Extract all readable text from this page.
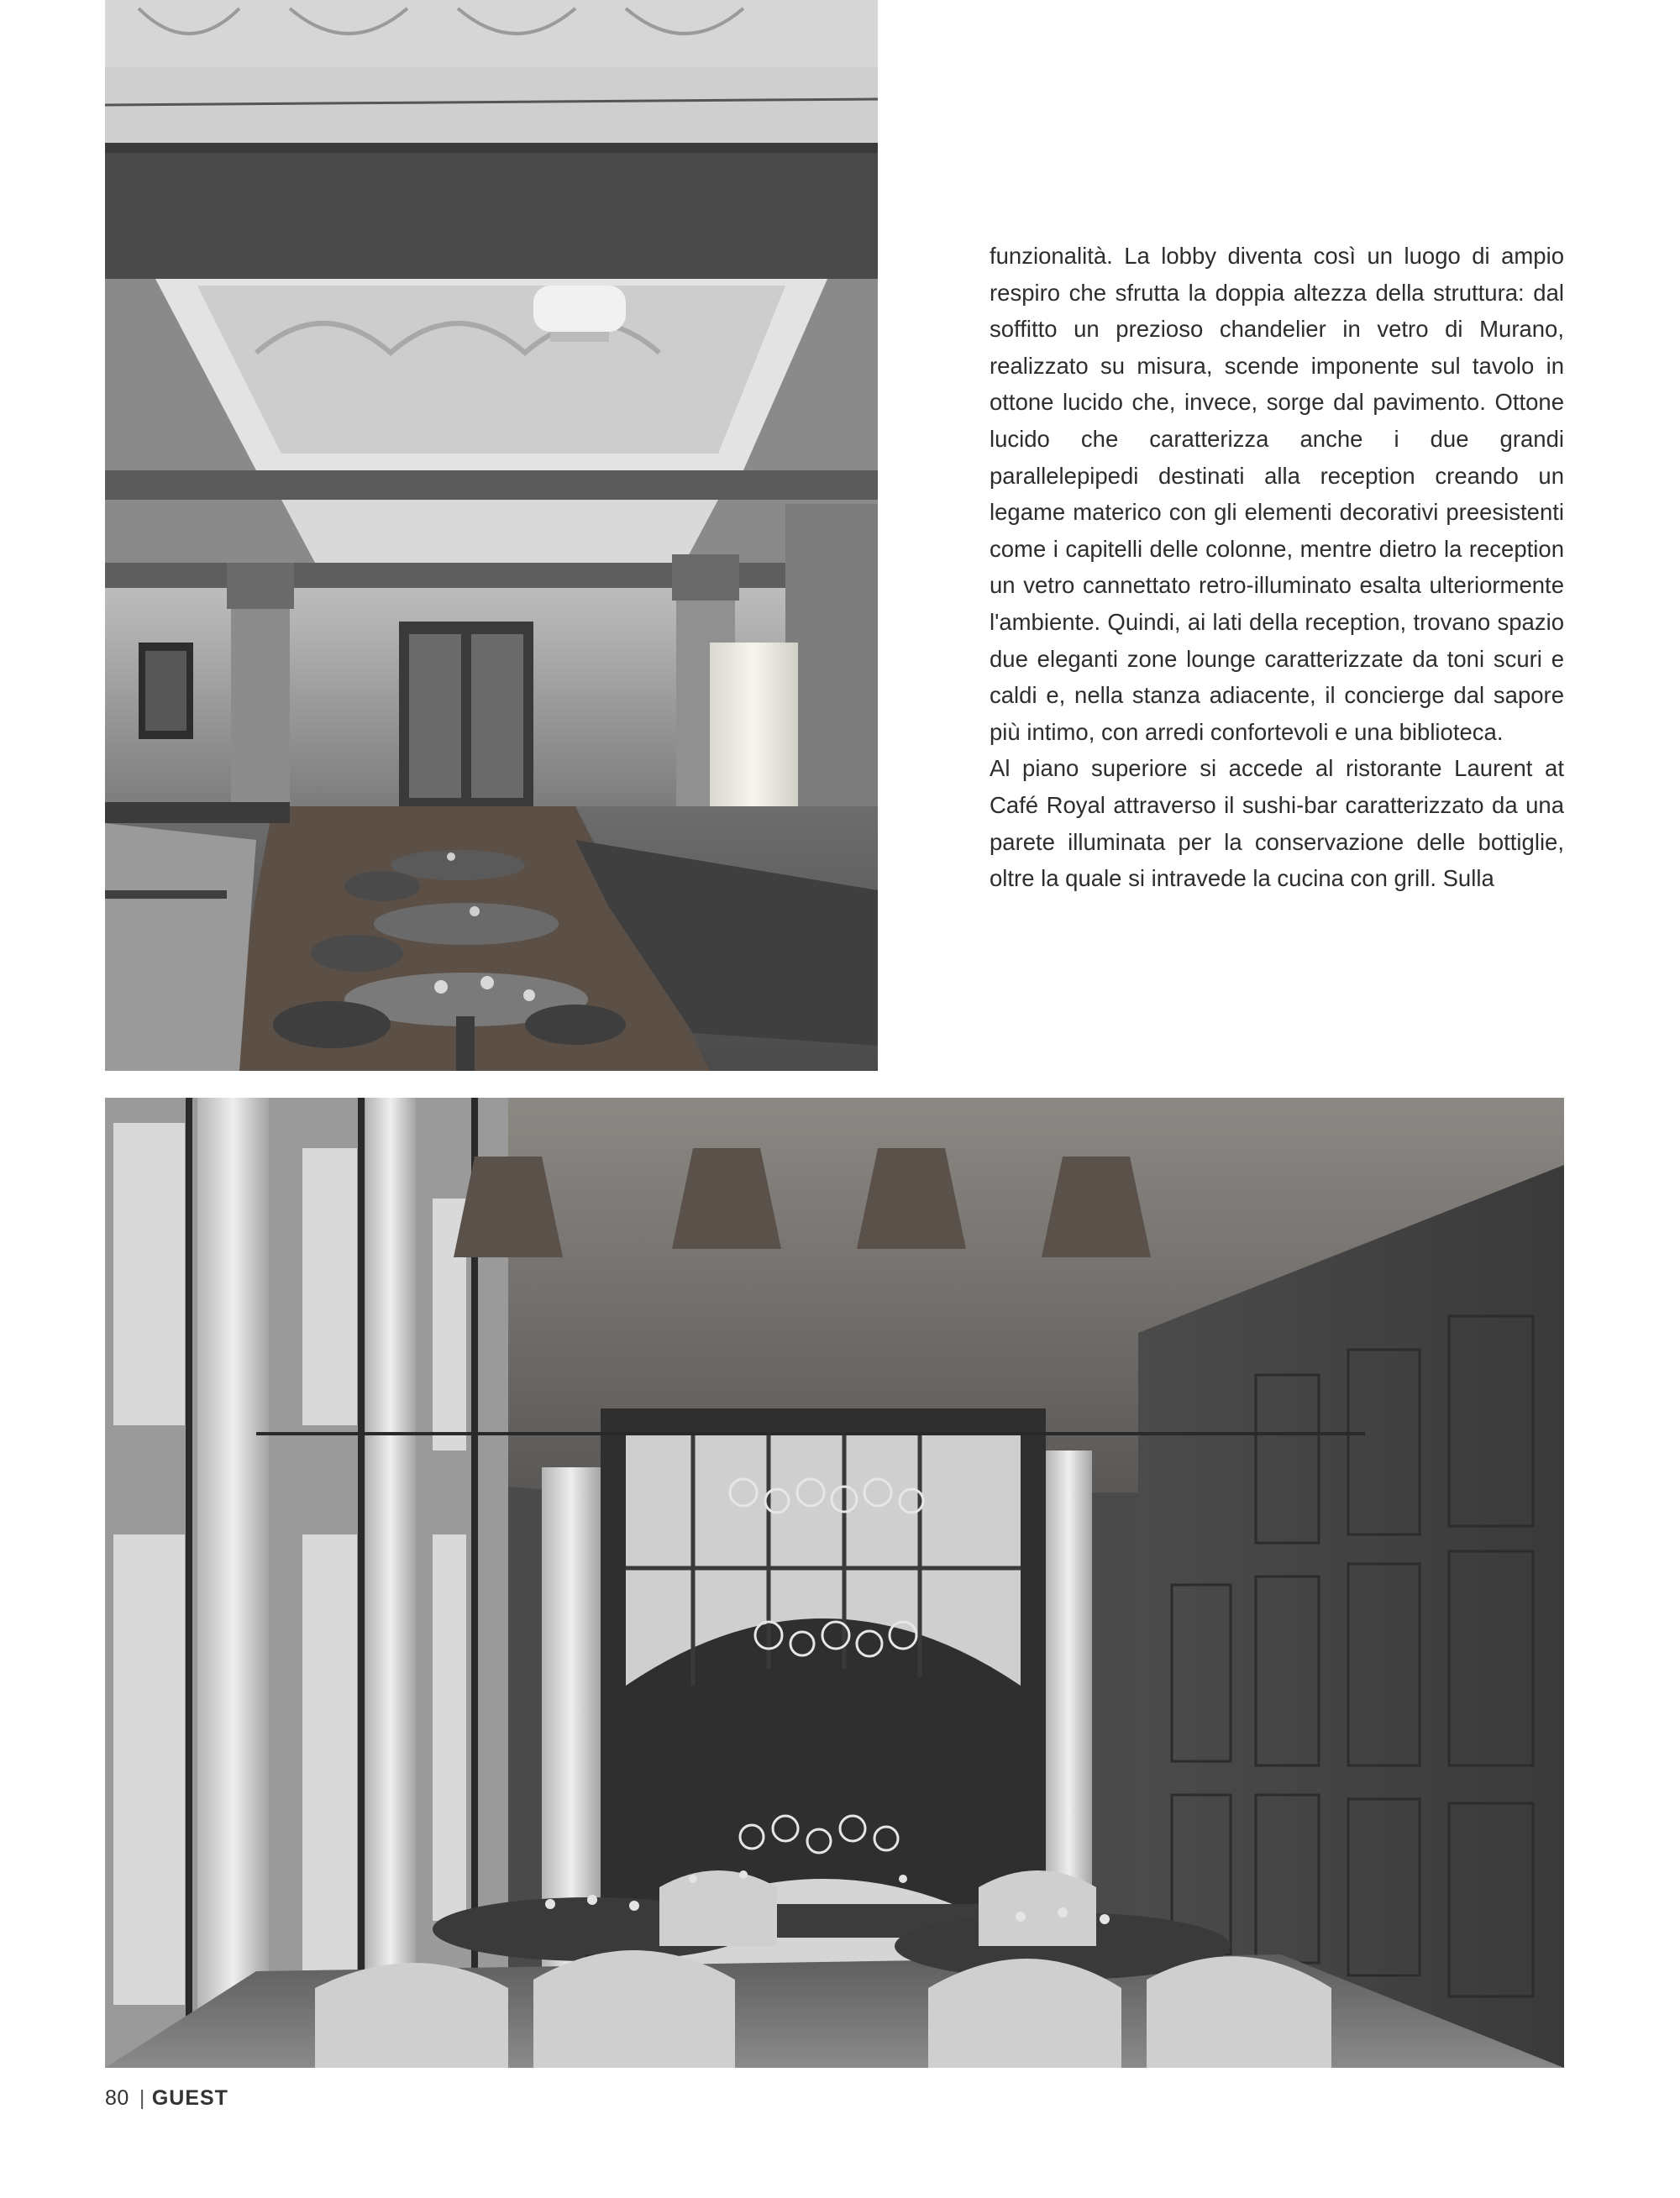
funzionalità. La lobby diventa così un luogo di ampio respiro che sfrutta la doppia altezza della struttura: dal soffitto un prezioso chandelier in vetro di Murano, realizzato su misura, scende imponente sul tavolo in ottone lucido che, invece, sorge dal pavimento. Ottone lucido che caratterizza anche i due grandi parallelepipedi destinati alla reception creando un legame materico con gli elementi decorativi preesistenti come i capitelli delle colonne, mentre dietro la reception un vetro cannettato retro-illuminato esalta ulteriormente l'ambiente. Quindi, ai lati della reception, trovano spazio due eleganti zone lounge caratterizzate da toni scuri e caldi e, nella stanza adiacente, il concierge dal sapore più intimo, con arredi confortevoli e una biblioteca.

Al piano superiore si accede al ristorante Laurent at Café Royal attraverso il sushi-bar caratterizzato da una parete illuminata per la conservazione delle bottiglie, oltre la quale si intravede la cucina con grill. Sulla

80 | GUEST
